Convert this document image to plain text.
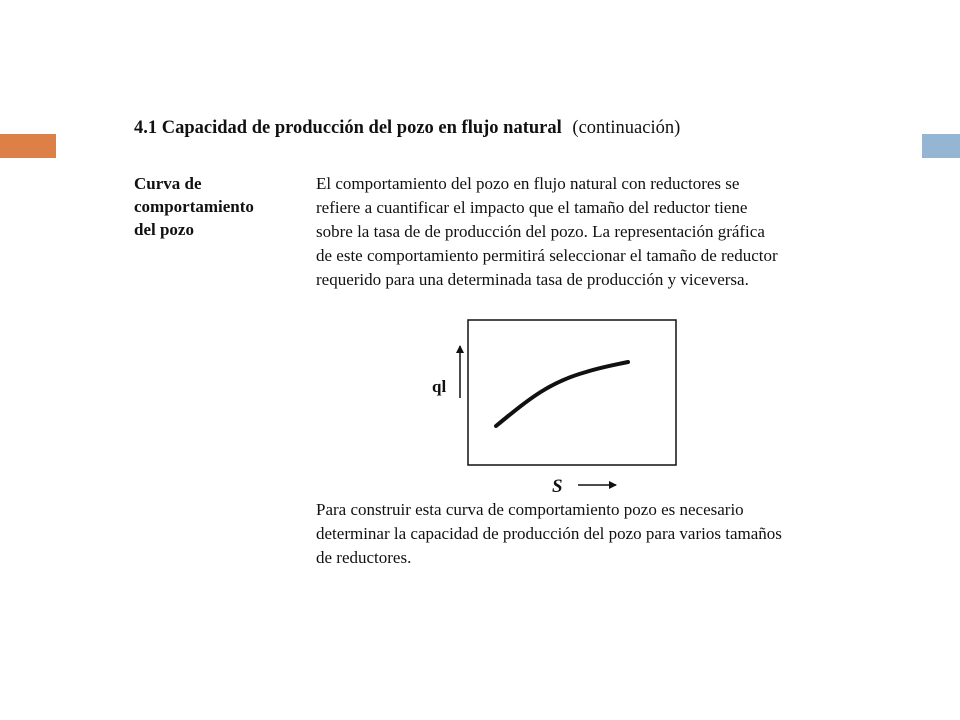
4.1 Capacidad de producción del pozo en flujo natural (continuación)
Curva de
comportamiento
del pozo

El comportamiento del pozo en flujo natural con reductores se
refiere a cuantificar el impacto que el tamaño del reductor tiene
sobre la tasa de de producción del pozo. La representación gráfica
de este comportamiento permitirá seleccionar el tamaño de reductor
requerido para una determinada tasa de producción y viceversa.

ql
S

Para construir esta curva de comportamiento pozo es necesario
determinar la capacidad de producción del pozo para varios tamaños
de reductores.
